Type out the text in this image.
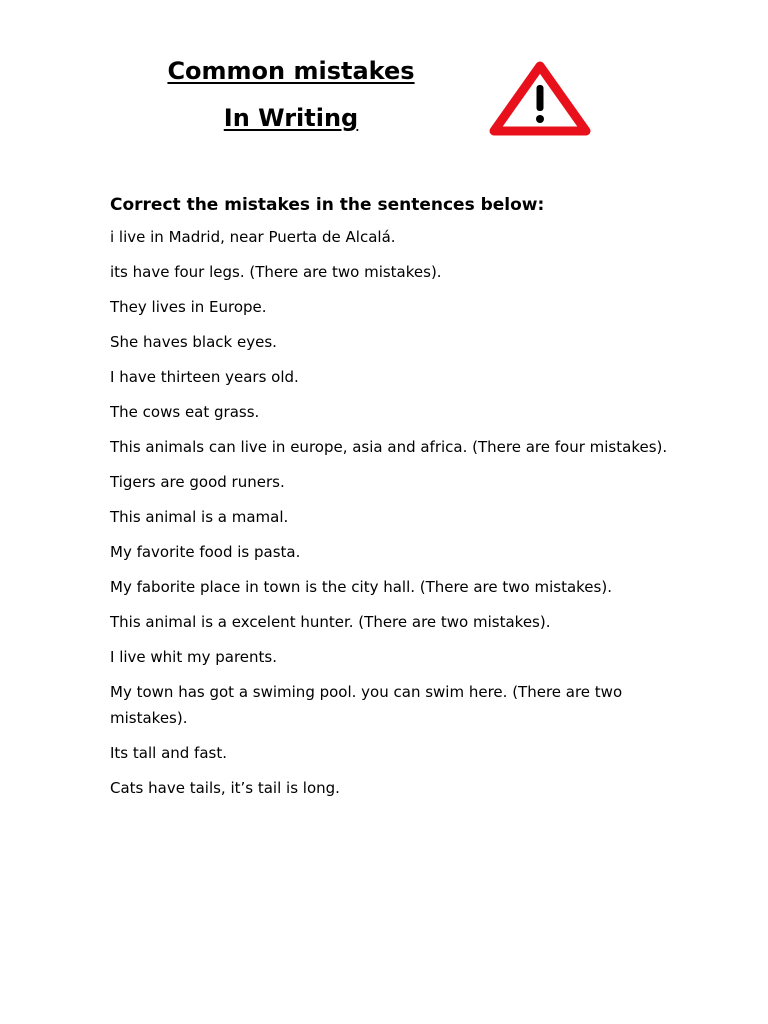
Common mistakes
In Writing

Correct the mistakes in the sentences below:

i live in Madrid, near Puerta de Alcalá.
its have four legs. (There are two mistakes).
They lives in Europe.
She haves black eyes.
I have thirteen years old.
The cows eat grass.
This animals can live in europe, asia and africa. (There are four mistakes).
Tigers are good runers.
This animal is a mamal.
My favorite food is pasta.
My faborite place in town is the city hall. (There are two mistakes).
This animal is a excelent hunter. (There are two mistakes).
I live whit my parents.
My town has got a swiming pool. you can swim here. (There are two mistakes).
Its tall and fast.
Cats have tails, it’s tail is long.
